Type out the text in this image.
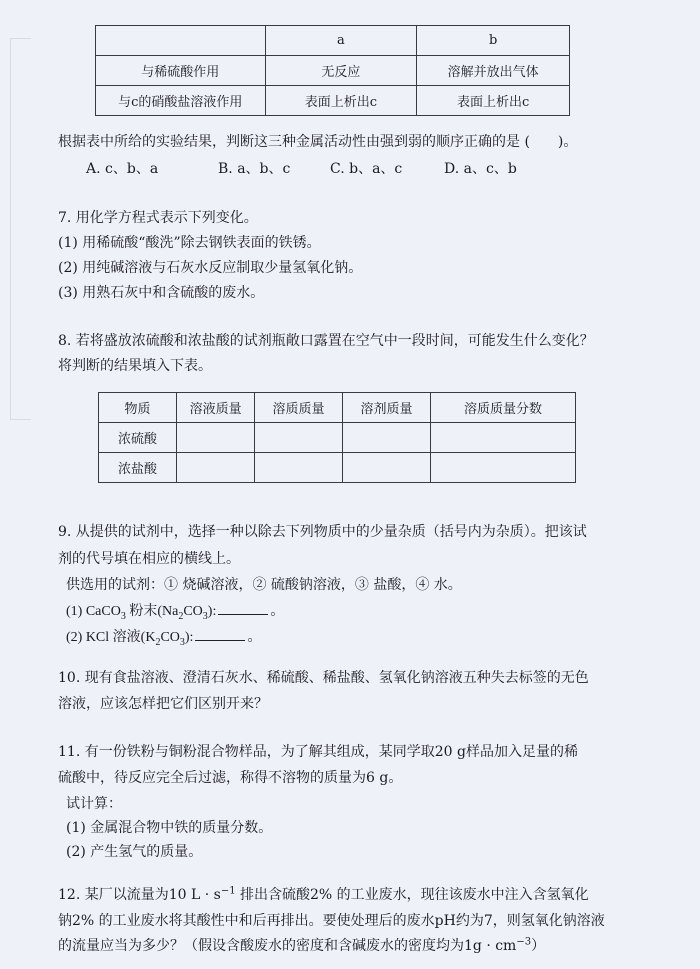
	a	b
与稀硫酸作用	无反应	溶解并放出气体
与c的硝酸盐溶液作用	表面上析出c	表面上析出c
根据表中所给的实验结果，判断这三种金属活动性由强到弱的顺序正确的是 (　　)。
A. c、b、a	B. a、b、c	C. b、a、c	D. a、c、b
7. 用化学方程式表示下列变化。
(1) 用稀硫酸“酸洗”除去钢铁表面的铁锈。
(2) 用纯碱溶液与石灰水反应制取少量氢氧化钠。
(3) 用熟石灰中和含硫酸的废水。
8. 若将盛放浓硫酸和浓盐酸的试剂瓶敞口露置在空气中一段时间，可能发生什么变化？
将判断的结果填入下表。
物质	溶液质量	溶质质量	溶剂质量	溶质质量分数
浓硫酸				
浓盐酸				
9. 从提供的试剂中，选择一种以除去下列物质中的少量杂质（括号内为杂质）。把该试
剂的代号填在相应的横线上。
供选用的试剂：① 烧碱溶液，② 硫酸钠溶液，③ 盐酸，④ 水。
(1) CaCO$_3$ 粉末$(Na_2CO_3)$:	。
(2) KCl 溶液$(K_2CO_3)$:	。
10. 现有食盐溶液、澄清石灰水、稀硫酸、稀盐酸、氢氧化钠溶液五种失去标签的无色
溶液，应该怎样把它们区别开来？
11. 有一份铁粉与铜粉混合物样品，为了解其组成，某同学取20 g样品加入足量的稀
硫酸中，待反应完全后过滤，称得不溶物的质量为6 g。
试计算：
(1) 金属混合物中铁的质量分数。
(2) 产生氢气的质量。
12. 某厂以流量为10 $L \cdot s^{-1}$ 排出含硫酸2% 的工业废水，现往该废水中注入含氢氧化
钠2% 的工业废水将其酸性中和后再排出。要使处理后的废水pH约为7，则氢氧化钠溶液
的流量应当为多少？（假设含酸废水的密度和含碱废水的密度均为$1g \cdot cm^{-3}$）
